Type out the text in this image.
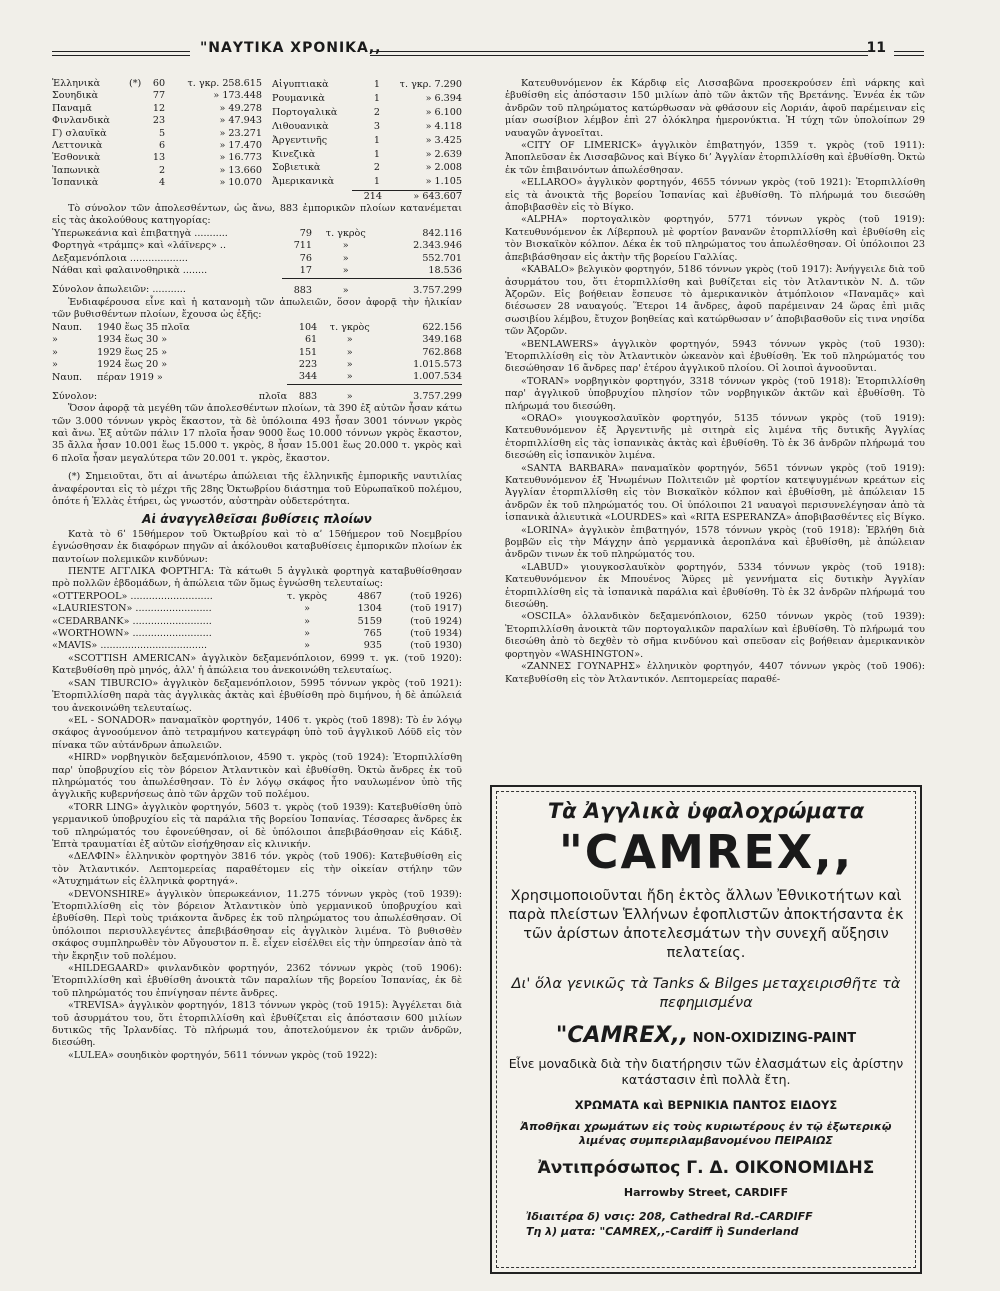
"ΝΑΥΤΙΚΑ ΧΡΟΝΙΚΑ,,	11
Ἑλληνικὰ	(*)	60	τ. γκρ. 258.615
Σουηδικὰ		77	» 173.448
Παναμᾶ		12	» 49.278
Φινλανδικὰ		23	» 47.943
Γ) σλαυϊκὰ		5	» 23.271
Λεττονικὰ		6	» 17.470
Ἐσθονικὰ		13	» 16.773
Ἰαπωνικὰ		2	» 13.660
Ἱσπανικὰ		4	» 10.070
Αἰγυπτιακὰ	1	τ. γκρ. 7.290
Ρουμανικὰ	1	» 6.394
Πορτογαλικὰ	2	» 6.100
Λιθουανικὰ	3	» 4.118
Ἀργεντινῆς	1	» 3.425
Κινεζικὰ	1	» 2.639
Σοβιετικὰ	2	» 2.008
Ἀμερικανικὰ	1	» 1.105
	214	» 643.607

Τὸ σύνολον τῶν ἀπολεσθέντων, ὡς ἄνω, 883 ἐμπορικῶν πλοίων κατανέμεται εἰς τὰς ἀκολούθους κατηγορίας:

Ὑπερωκεάνια καὶ ἐπιβατηγὰ ...........	79	τ. γκρὸς	842.116
Φορτηγὰ «τράμπς» καὶ «λάϊνερς» ..	711	»	2.343.946
Δεξαμενόπλοια ...................	76	»	552.701
Νάθαι καὶ φαλαινοθηρικὰ ........	17	»	18.536
Σύνολον ἀπωλειῶν: ...........	883	»	3.757.299

Ἐνδιαφέρουσα εἶνε καὶ ἡ κατανομὴ τῶν ἀπωλειῶν, ὅσον ἀφορᾷ τὴν ἡλικίαν τῶν βυθισθέντων πλοίων, ἔχουσα ὡς ἑξῆς:

Ναυπ.	1940 ἕως 35 πλοῖα	104	τ. γκρὸς	622.156
»	1934 ἕως 30 »	61	»	349.168
»	1929 ἕως 25 »	151	»	762.868
»	1924 ἕως 20 »	223	»	1.015.573
Ναυπ.	πέραν 1919 »	344	»	1.007.534
Σύνολον:	πλοῖα	883	»	3.757.299

Ὅσον ἀφορᾷ τὰ μεγέθη τῶν ἀπολεσθέντων πλοίων, τὰ 390 ἐξ αὐτῶν ἦσαν κάτω τῶν 3.000 τόννων γκρὸς ἕκαστον, τὰ δὲ ὑπόλοιπα 493 ἦσαν 3001 τόννων γκρὸς καὶ ἄνω. Ἐξ αὐτῶν πάλιν 17 πλοῖα ἦσαν 9000 ἕως 10.000 τόννων γκρὸς ἕκαστον, 35 ἄλλα ἦσαν 10.001 ἕως 15.000 τ. γκρὸς, 8 ἦσαν 15.001 ἕως 20.000 τ. γκρὸς καὶ 6 πλοῖα ἦσαν μεγαλύτερα τῶν 20.001 τ. γκρὸς, ἕκαστον.

(*) Σημειοῦται, ὅτι αἱ ἀνωτέρω ἀπώλειαι τῆς ἑλληνικῆς ἐμπορικῆς ναυτιλίας ἀναφέρονται εἰς τὸ μέχρι τῆς 28ης Ὀκτωβρίου διάστημα τοῦ Εὐρωπαϊκοῦ πολέμου, ὁπότε ἡ Ἑλλὰς ἐτήρει, ὡς γνωστόν, αὐστηρὰν οὐδετερότητα.

Αἱ ἀναγγελθεῖσαι βυθίσεις πλοίων

Κατὰ τὸ 6ʹ 15θήμερον τοῦ Ὀκτωβρίου καὶ τὸ αʹ 15θήμερον τοῦ Νοεμβρίου ἐγνώσθησαν ἐκ διαφόρων πηγῶν αἱ ἀκόλουθοι καταβυθίσεις ἐμπορικῶν πλοίων ἐκ παντοίων πολεμικῶν κινδύνων:

ΠΕΝΤΕ ΑΓΓΛΙΚΑ ΦΟΡΤΗΓΑ: Τὰ κάτωθι 5 ἀγγλικὰ φορτηγὰ καταβυθίσθησαν πρὸ πολλῶν ἑβδομάδων, ἡ ἀπώλεια τῶν ὅμως ἐγνώσθη τελευταίως:

«OTTERPOOL» ...........................	τ. γκρὸς	4867	(τοῦ 1926)
«LAURIESTON» .........................	»	1304	(τοῦ 1917)
«CEDARBANK» ..........................	»	5159	(τοῦ 1924)
«WORTHOWN» ..........................	»	765	(τοῦ 1934)
«MAVIS» ...................................	»	935	(τοῦ 1930)

«SCOTTISH AMERICAN» ἀγγλικὸν δεξαμενόπλοιον, 6999 τ. γκ. (τοῦ 1920): Κατεβυθίσθη πρὸ μηνός, ἀλλ' ἡ ἀπώλεια του ἀνεκοινώθη τελευταίως.

«SAN TIBURCIO» ἀγγλικὸν δεξαμενόπλοιον, 5995 τόννων γκρὸς (τοῦ 1921): Ἐτορπιλλίσθη παρὰ τὰς ἀγγλικὰς ἀκτὰς καὶ ἐβυθίσθη πρὸ διμήνου, ἡ δὲ ἀπώλειά του ἀνεκοινώθη τελευταίως.

«EL - SONADOR» παναμαϊκὸν φορτηγόν, 1406 τ. γκρὸς (τοῦ 1898): Τὸ ἐν λόγῳ σκάφος ἀγνοούμενον ἀπὸ τετραμήνου κατεγράφη ὑπὸ τοῦ ἀγγλικοῦ Λόϋδ εἰς τὸν πίνακα τῶν αὐτάνδρων ἀπωλειῶν.

«HIRD» νορβηγικὸν δεξαμενόπλοιον, 4590 τ. γκρὸς (τοῦ 1924): Ἐτορπιλλίσθη παρ' ὑποβρυχίου εἰς τὸν βόρειον Ἀτλαντικὸν καὶ ἐβυθίσθη. Ὀκτὼ ἄνδρες ἐκ τοῦ πληρώματός του ἀπωλέσθησαν. Τὸ ἐν λόγῳ σκάφος ἦτο ναυλωμένον ὑπὸ τῆς ἀγγλικῆς κυβερνήσεως ἀπὸ τῶν ἀρχῶν τοῦ πολέμου.

«TORR LING» ἀγγλικὸν φορτηγόν, 5603 τ. γκρὸς (τοῦ 1939): Κατεβυθίσθη ὑπὸ γερμανικοῦ ὑποβρυχίου εἰς τὰ παράλια τῆς βορείου Ἱσπανίας. Τέσσαρες ἄνδρες ἐκ τοῦ πληρώματός του ἐφονεύθησαν, οἱ δὲ ὑπόλοιποι ἀπεβιβάσθησαν εἰς Κάδιξ. Ἑπτὰ τραυματίαι ἐξ αὐτῶν εἰσήχθησαν εἰς κλινικήν.

«ΔΕΛΦΙΝ» ἑλληνικὸν φορτηγὸν 3816 τόν. γκρὸς (τοῦ 1906): Κατεβυθίσθη εἰς τὸν Ἀτλαντικόν. Λεπτομερείας παραθέτομεν εἰς τὴν οἰκείαν στήλην τῶν «Ἀτυχημάτων εἰς ἑλληνικὰ φορτηγά».

«DEVONSHIRE» ἀγγλικὸν ὑπερωκεάνιον, 11.275 τόννων γκρὸς (τοῦ 1939): Ἐτορπιλλίσθη εἰς τὸν βόρειον Ἀτλαντικὸν ὑπὸ γερμανικοῦ ὑποβρυχίου καὶ ἐβυθίσθη. Περὶ τοὺς τριάκοντα ἄνδρες ἐκ τοῦ πληρώματος του ἀπωλέσθησαν. Οἱ ὑπόλοιποι περισυλλεγέντες ἀπεβιβάσθησαν εἰς ἀγγλικὸν λιμένα. Τὸ βυθισθὲν σκάφος συμπληρωθὲν τὸν Αὔγουστον π. ἔ. εἶχεν εἰσέλθει εἰς τὴν ὑπηρεσίαν ἀπὸ τὰ τὴν ἔκρηξιν τοῦ πολέμου.

«HILDEGAARD» φινλανδικὸν φορτηγόν, 2362 τόννων γκρὸς (τοῦ 1906): Ἐτορπιλλίσθη καὶ ἐβυθίσθη ἀνοικτὰ τῶν παραλίων τῆς βορείου Ἱσπανίας, ἐκ δὲ τοῦ πληρώματός του ἐπνίγησαν πέντε ἄνδρες.

«TREVISA» ἀγγλικὸν φορτηγόν, 1813 τόννων γκρὸς (τοῦ 1915): Ἀγγέλεται διὰ τοῦ ἀσυρμάτου του, ὅτι ἐτορπιλλίσθη καὶ ἐβυθίζεται εἰς ἀπόστασιν 600 μιλίων δυτικῶς τῆς Ἰρλανδίας. Τὸ πλήρωμά του, ἀποτελούμενον ἐκ τριῶν ἀνδρῶν, διεσώθη.

«LULEA» σουηδικὸν φορτηγόν, 5611 τόννων γκρὸς (τοῦ 1922):

Κατευθυνόμενον ἐκ Κάρδιφ εἰς Λισσαβῶνα προσεκρούσεν ἐπὶ νάρκης καὶ ἐβυθίσθη εἰς ἀπόστασιν 150 μιλίων ἀπὸ τῶν ἀκτῶν τῆς Βρετάνης. Ἐννέα ἐκ τῶν ἀνδρῶν τοῦ πληρώματος κατώρθωσαν νὰ φθάσουν εἰς Λοριάν, ἀφοῦ παρέμειναν εἰς μίαν σωσίβιον λέμβον ἐπὶ 27 ὁλόκληρα ἡμερονύκτια. Ἡ τύχη τῶν ὑπολοίπων 29 ναυαγῶν ἀγνοεῖται.

«CITY OF LIMERICK» ἀγγλικὸν ἐπιβατηγόν, 1359 τ. γκρὸς (τοῦ 1911): Ἀποπλεῦσαν ἐκ Λισσαβῶνος καὶ Βίγκο διʼ Ἀγγλίαν ἐτορπιλλίσθη καὶ ἐβυθίσθη. Ὀκτὼ ἐκ τῶν ἐπιβαινόντων ἀπωλέσθησαν.

«ELLAROO» ἀγγλικὸν φορτηγόν, 4655 τόννων γκρὸς (τοῦ 1921): Ἐτορπιλλίσθη εἰς τὰ ἀνοικτὰ τῆς βορείου Ἱσπανίας καὶ ἐβυθίσθη. Τὸ πλήρωμά του διεσώθη ἀποβιβασθὲν εἰς τὸ Βίγκο.

«ALPHA» πορτογαλικὸν φορτηγόν, 5771 τόννων γκρὸς (τοῦ 1919): Κατευθυνόμενον ἐκ Λίβερπουλ μὲ φορτίον βανανῶν ἐτορπιλλίσθη καὶ ἐβυθίσθη εἰς τὸν Βισκαϊκὸν κόλπον. Δέκα ἐκ τοῦ πληρώματος του ἀπωλέσθησαν. Οἱ ὑπόλοιποι 23 ἀπεβιβάσθησαν εἰς ἀκτὴν τῆς βορείου Γαλλίας.

«KABALO» βελγικὸν φορτηγόν, 5186 τόννων γκρὸς (τοῦ 1917): Ἀνήγγειλε διὰ τοῦ ἀσυρμάτου του, ὅτι ἐτορπιλλίσθη καὶ βυθίζεται εἰς τὸν Ἀτλαντικὸν Ν. Δ. τῶν Ἀζορῶν. Εἰς βοήθειαν ἔσπευσε τὸ ἀμερικανικὸν ἀτμόπλοιον «Παναμᾶς» καὶ διέσωσεν 28 ναυαγούς. Ἕτεροι 14 ἄνδρες, ἀφοῦ παρέμειναν 24 ὥρας ἐπὶ μιᾶς σωσιβίου λέμβου, ἔτυχον βοηθείας καὶ κατώρθωσαν νʼ ἀποβιβασθοῦν εἰς τινα νησίδα τῶν Ἀζορῶν.

«BENLAWERS» ἀγγλικὸν φορτηγόν, 5943 τόννων γκρὸς (τοῦ 1930): Ἐτορπιλλίσθη εἰς τὸν Ἀτλαντικὸν ὠκεανὸν καὶ ἐβυθίσθη. Ἐκ τοῦ πληρώματός του διεσώθησαν 16 ἄνδρες παρ' ἑτέρου ἀγγλικοῦ πλοίου. Οἱ λοιποὶ ἀγνοοῦνται.

«TORAN» νορβηγικὸν φορτηγόν, 3318 τόννων γκρὸς (τοῦ 1918): Ἐτορπιλλίσθη παρ' ἀγγλικοῦ ὑποβρυχίου πλησίον τῶν νορβηγικῶν ἀκτῶν καὶ ἐβυθίσθη. Τὸ πλήρωμά του διεσώθη.

«ORAO» γιουγκοσλαυϊκὸν φορτηγόν, 5135 τόννων γκρὸς (τοῦ 1919): Κατευθυνόμενον ἐξ Ἀργεντινῆς μὲ σιτηρὰ εἰς λιμένα τῆς δυτικῆς Ἀγγλίας ἐτορπιλλίσθη εἰς τὰς ἱσπανικὰς ἀκτὰς καὶ ἐβυθίσθη. Τὸ ἐκ 36 ἀνδρῶν πλήρωμά του διεσώθη εἰς ἱσπανικὸν λιμένα.

«SANTA BARBARA» παναμαϊκὸν φορτηγόν, 5651 τόννων γκρὸς (τοῦ 1919): Κατευθυνόμενον ἐξ Ἠνωμένων Πολιτειῶν μὲ φορτίον κατεψυγμένων κρεάτων εἰς Ἀγγλίαν ἐτορπιλλίσθη εἰς τὸν Βισκαϊκὸν κόλπον καὶ ἐβυθίσθη, μὲ ἀπώλειαν 15 ἀνδρῶν ἐκ τοῦ πληρώματός του. Οἱ ὑπόλοιποι 21 ναυαγοὶ περισυνελέγησαν ἀπὸ τὰ ἱσπανικὰ ἁλιευτικὰ «LOURDES» καὶ «RITA ESPERANZA» ἀποβιβασθέντες εἰς Βίγκο.

«LORINA» ἀγγλικὸν ἐπιβατηγόν, 1578 τόννων γκρὸς (τοῦ 1918): Ἐβλήθη διὰ βομβῶν εἰς τὴν Μάγχην ἀπὸ γερμανικὰ ἀεροπλάνα καὶ ἐβυθίσθη, μὲ ἀπώλειαν ἀνδρῶν τινων ἐκ τοῦ πληρώματός του.

«LABUD» γιουγκοσλαυϊκὸν φορτηγόν, 5334 τόννων γκρὸς (τοῦ 1918): Κατευθυνόμενον ἐκ Μπουένος Ἄϋρες μὲ γεννήματα εἰς δυτικὴν Ἀγγλίαν ἐτορπιλλίσθη εἰς τὰ ἱσπανικὰ παράλια καὶ ἐβυθίσθη. Τὸ ἐκ 32 ἀνδρῶν πλήρωμά του διεσώθη.

«OSCILA» ὁλλανδικὸν δεξαμενόπλοιον, 6250 τόννων γκρὸς (τοῦ 1939): Ἐτορπιλλίσθη ἀνοικτὰ τῶν πορτογαλικῶν παραλίων καὶ ἐβυθίσθη. Τὸ πλήρωμά του διεσώθη ἀπὸ τὸ δεχθὲν τὸ σῆμα κινδύνου καὶ σπεῦσαν εἰς βοήθειαν ἀμερικανικὸν φορτηγὸν «WASHINGTON».

«ΖΑΝΝΕΣ ΓΟΥΝΑΡΗΣ» ἑλληνικὸν φορτηγόν, 4407 τόννων γκρὸς (τοῦ 1906): Κατεβυθίσθη εἰς τὸν Ἀτλαντικόν. Λεπτομερείας παραθέ-

Τὰ Ἀγγλικὰ ὑφαλοχρώματα
"CAMREX,,
Χρησιμοποιοῦνται ἤδη ἐκτὸς ἄλλων Ἐθνικοτήτων καὶ παρὰ πλείστων Ἑλλήνων ἐφοπλιστῶν ἀποκτήσαντα ἐκ τῶν ἀρίστων ἀποτελεσμάτων τὴν συνεχῆ αὔξησιν πελατείας.
Δι' ὅλα γενικῶς τὰ Tanks & Bilges μεταχειρισθῆτε τὰ πεφημισμένα
"CAMREX,, NON-OXIDIZING-PAINT
Εἶνε μοναδικὰ διὰ τὴν διατήρησιν τῶν ἐλασμάτων εἰς ἀρίστην κατάστασιν ἐπὶ πολλὰ ἔτη.
ΧΡΩΜΑΤΑ καὶ ΒΕΡΝΙΚΙΑ ΠΑΝΤΟΣ ΕΙΔΟΥΣ
Ἀποθῆκαι χρωμάτων εἰς τοὺς κυριωτέρους ἐν τῷ ἐξωτερικῷ λιμένας συμπεριλαμβανομένου ΠΕΙΡΑΙΩΣ
Ἀντιπρόσωπος Γ. Δ. ΟΙΚΟΝΟΜΙΔΗΣ
Harrowby Street, CARDIFF
Ἰδιαιτέρα δ) νσις: 208, Cathedral Rd.-CARDIFF
Τη λ) ματα: "CAMREX,,-Cardiff ἢ Sunderland
